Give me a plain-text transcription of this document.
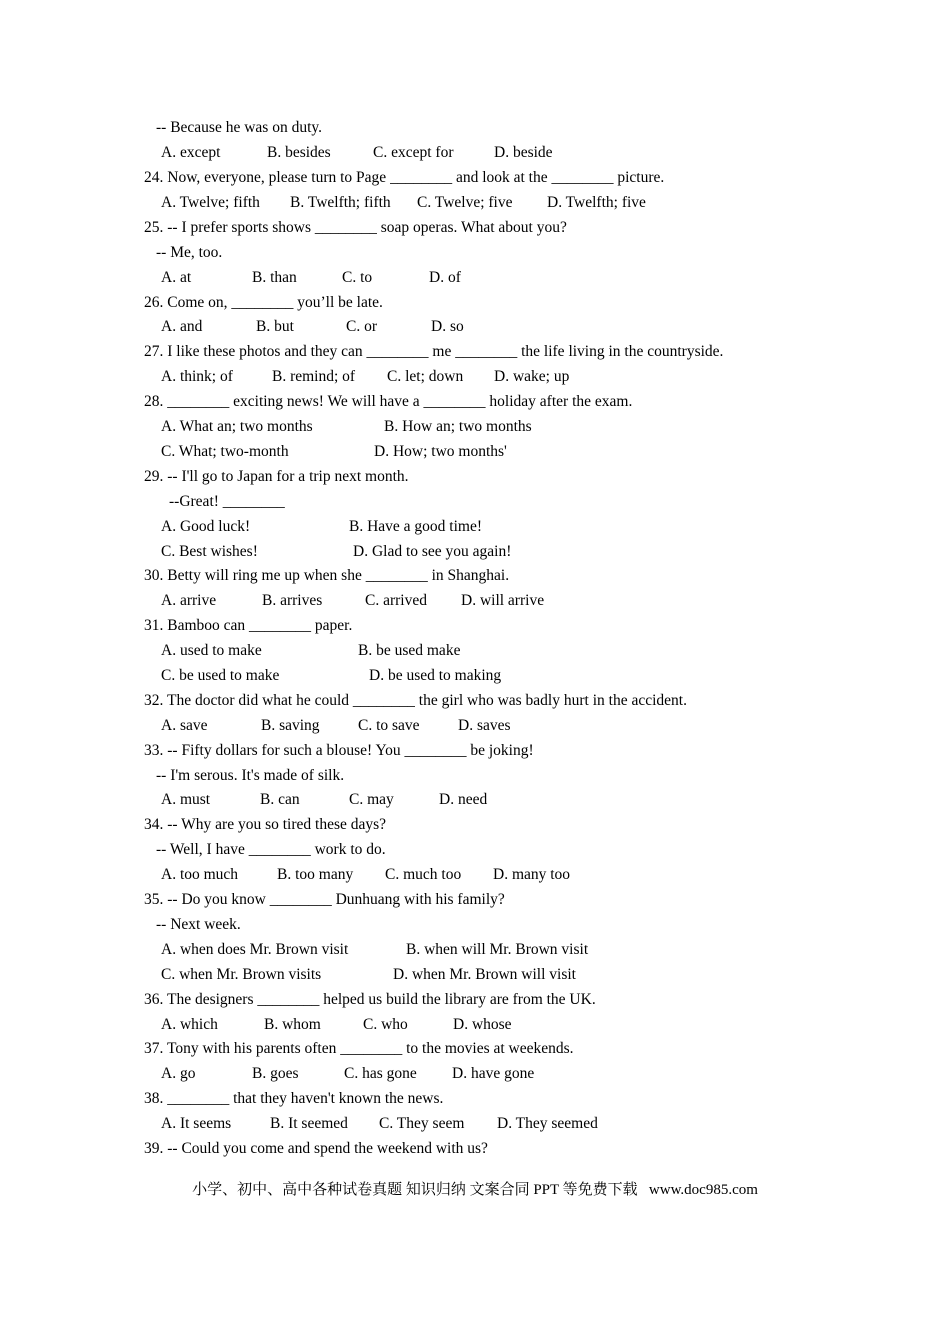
-- Because he was on duty.
A. except	B. besides	C. except for	D. beside
24. Now, everyone, please turn to Page ________ and look at the ________ picture.
A. Twelve; fifth B. Twelfth; fifth C. Twelve; five D. Twelfth; five
25. -- I prefer sports shows ________ soap operas. What about you?
-- Me, too.
A. at	B. than	C. to	D. of
26. Come on, ________ you’ll be late.
A. and	B. but	C. or	D. so
27. I like these photos and they can ________ me ________ the life living in the countryside.
A. think; of	B. remind; of C. let; down D. wake; up
28. ________ exciting news! We will have a ________ holiday after the exam.
A. What an; two months	B. How an; two months
C. What; two-month	D. How; two months'
29. -- I'll go to Japan for a trip next month.
--Great! ________
A. Good luck!	B. Have a good time!
C. Best wishes!	D. Glad to see you again!
30. Betty will ring me up when she ________ in Shanghai.
A. arrive	B. arrives	C. arrived D. will arrive
31. Bamboo can ________ paper.
A. used to make	B. be used make
C. be used to make	D. be used to making
32. The doctor did what he could ________ the girl who was badly hurt in the accident.
A. save	B. saving C. to save D. saves
33. -- Fifty dollars for such a blouse! You ________ be joking!
-- I'm serous. It's made of silk.
A. must	B. can	C. may	D. need
34. -- Why are you so tired these days?
-- Well, I have ________ work to do.
A. too much	B. too many C. much too D. many too
35. -- Do you know ________ Dunhuang with his family?
-- Next week.
A. when does Mr. Brown visit	B. when will Mr. Brown visit
C. when Mr. Brown visits	D. when Mr. Brown will visit
36. The designers ________ helped us build the library are from the UK.
A. which	B. whom	C. who	D. whose
37. Tony with his parents often ________ to the movies at weekends.
A. go	B. goes	C. has gone D. have gone
38. ________ that they haven't known the news.
A. It seems	B. It seemed C. They seem D. They seemed
39. -- Could you come and spend the weekend with us?
小学、初中、高中各种试卷真题 知识归纳 文案合同 PPT 等免费下载   www.doc985.com
